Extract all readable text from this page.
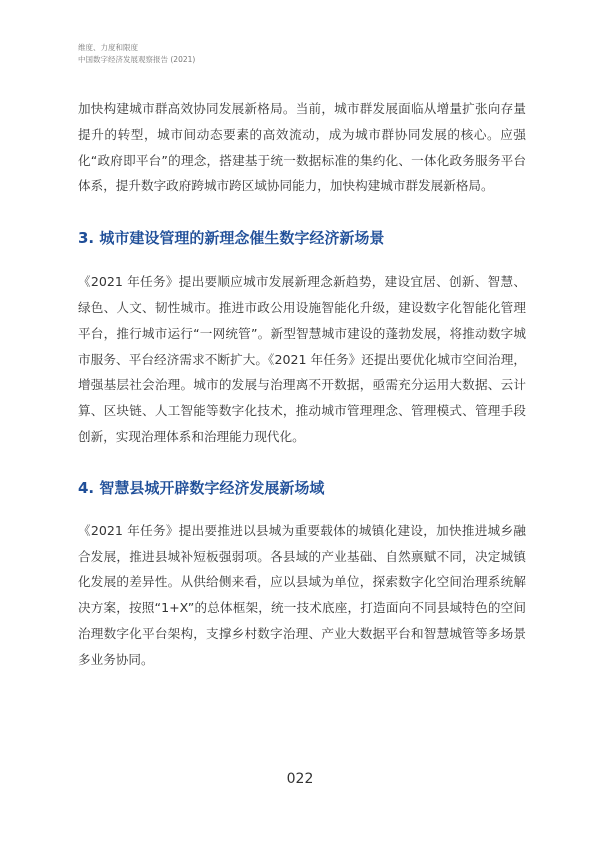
维度、力度和限度
中国数字经济发展观察报告 (2021)

加快构建城市群高效协同发展新格局。当前，城市群发展面临从增量扩张向存量提升的转型，城市间动态要素的高效流动，成为城市群协同发展的核心。应强化“政府即平台”的理念，搭建基于统一数据标准的集约化、一体化政务服务平台体系，提升数字政府跨城市跨区域协同能力，加快构建城市群发展新格局。

3. 城市建设管理的新理念催生数字经济新场景

《2021 年任务》提出要顺应城市发展新理念新趋势，建设宜居、创新、智慧、绿色、人文、韧性城市。推进市政公用设施智能化升级，建设数字化智能化管理平台，推行城市运行“一网统管”。新型智慧城市建设的蓬勃发展，将推动数字城市服务、平台经济需求不断扩大。《2021 年任务》还提出要优化城市空间治理，增强基层社会治理。城市的发展与治理离不开数据，亟需充分运用大数据、云计算、区块链、人工智能等数字化技术，推动城市管理理念、管理模式、管理手段创新，实现治理体系和治理能力现代化。

4. 智慧县城开辟数字经济发展新场域

《2021 年任务》提出要推进以县城为重要载体的城镇化建设，加快推进城乡融合发展，推进县城补短板强弱项。各县域的产业基础、自然禀赋不同，决定城镇化发展的差异性。从供给侧来看，应以县域为单位，探索数字化空间治理系统解决方案，按照“1+X”的总体框架，统一技术底座，打造面向不同县域特色的空间治理数字化平台架构，支撑乡村数字治理、产业大数据平台和智慧城管等多场景多业务协同。

022
